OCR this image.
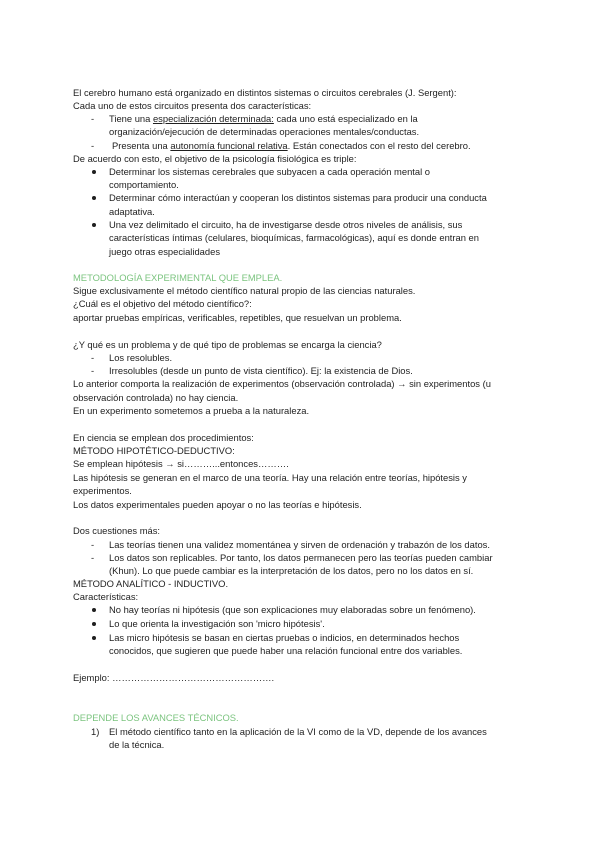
El cerebro humano está organizado en distintos sistemas o circuitos cerebrales (J. Sergent):
Cada uno de estos circuitos presenta dos características:
- Tiene una especialización determinada: cada uno está especializado en la
organización/ejecución de determinadas operaciones mentales/conductas.
- Presenta una autonomía funcional relativa. Están conectados con el resto del cerebro.
De acuerdo con esto, el objetivo de la psicología fisiológica es triple:
Determinar los sistemas cerebrales que subyacen a cada operación mental o
comportamiento.
Determinar cómo interactúan y cooperan los distintos sistemas para producir una conducta
adaptativa.
Una vez delimitado el circuito, ha de investigarse desde otros niveles de análisis, sus
características íntimas (celulares, bioquímicas, farmacológicas), aquí es donde entran en
juego otras especialidades
METODOLOGÍA EXPERIMENTAL QUE EMPLEA.
Sigue exclusivamente el método científico natural propio de las ciencias naturales.
¿Cuál es el objetivo del método científico?:
aportar pruebas empíricas, verificables, repetibles, que resuelvan un problema.
¿Y qué es un problema y de qué tipo de problemas se encarga la ciencia?
- Los resolubles.
- Irresolubles (desde un punto de vista científico). Ej: la existencia de Dios.
Lo anterior comporta la realización de experimentos (observación controlada) → sin experimentos (u
observación controlada) no hay ciencia.
En un experimento sometemos a prueba a la naturaleza.
En ciencia se emplean dos procedimientos:
MÉTODO HIPOTÉTICO-DEDUCTIVO:
Se emplean hipótesis → si………...entonces……….
Las hipótesis se generan en el marco de una teoría. Hay una relación entre teorías, hipótesis y
experimentos.
Los datos experimentales pueden apoyar o no las teorías e hipótesis.
Dos cuestiones más:
- Las teorías tienen una validez momentánea y sirven de ordenación y trabazón de los datos.
- Los datos son replicables. Por tanto, los datos permanecen pero las teorías pueden cambiar
(Khun). Lo que puede cambiar es la interpretación de los datos, pero no los datos en sí.
MÉTODO ANALÍTICO - INDUCTIVO.
Características:
No hay teorías ni hipótesis (que son explicaciones muy elaboradas sobre un fenómeno).
Lo que orienta la investigación son 'micro hipótesis'.
Las micro hipótesis se basan en ciertas pruebas o indicios, en determinados hechos
conocidos, que sugieren que puede haber una relación funcional entre dos variables.
Ejemplo: …………………………………………….
DEPENDE LOS AVANCES TÉCNICOS.
1) El método científico tanto en la aplicación de la VI como de la VD, depende de los avances
de la técnica.
